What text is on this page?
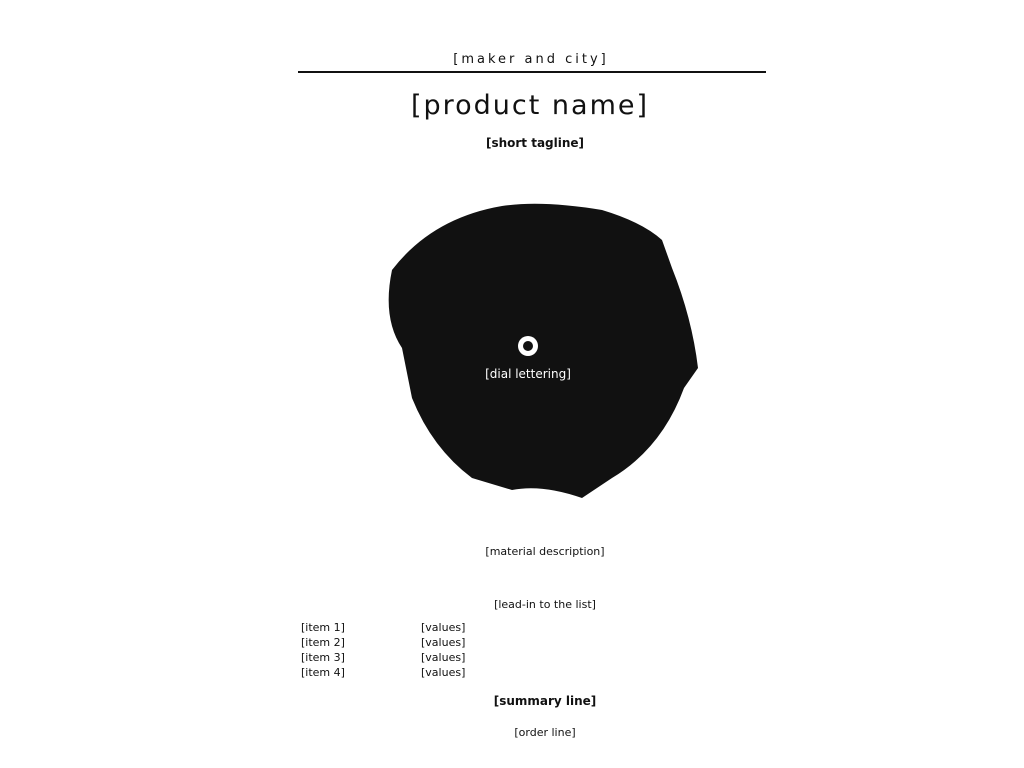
[maker and city]
[product name]
[short tagline]
[dial lettering]
[material description]
[lead-in to the list]
[item 1]	[values]
[item 2]	[values]
[item 3]	[values]
[item 4]	[values]
[summary line]
[order line]
